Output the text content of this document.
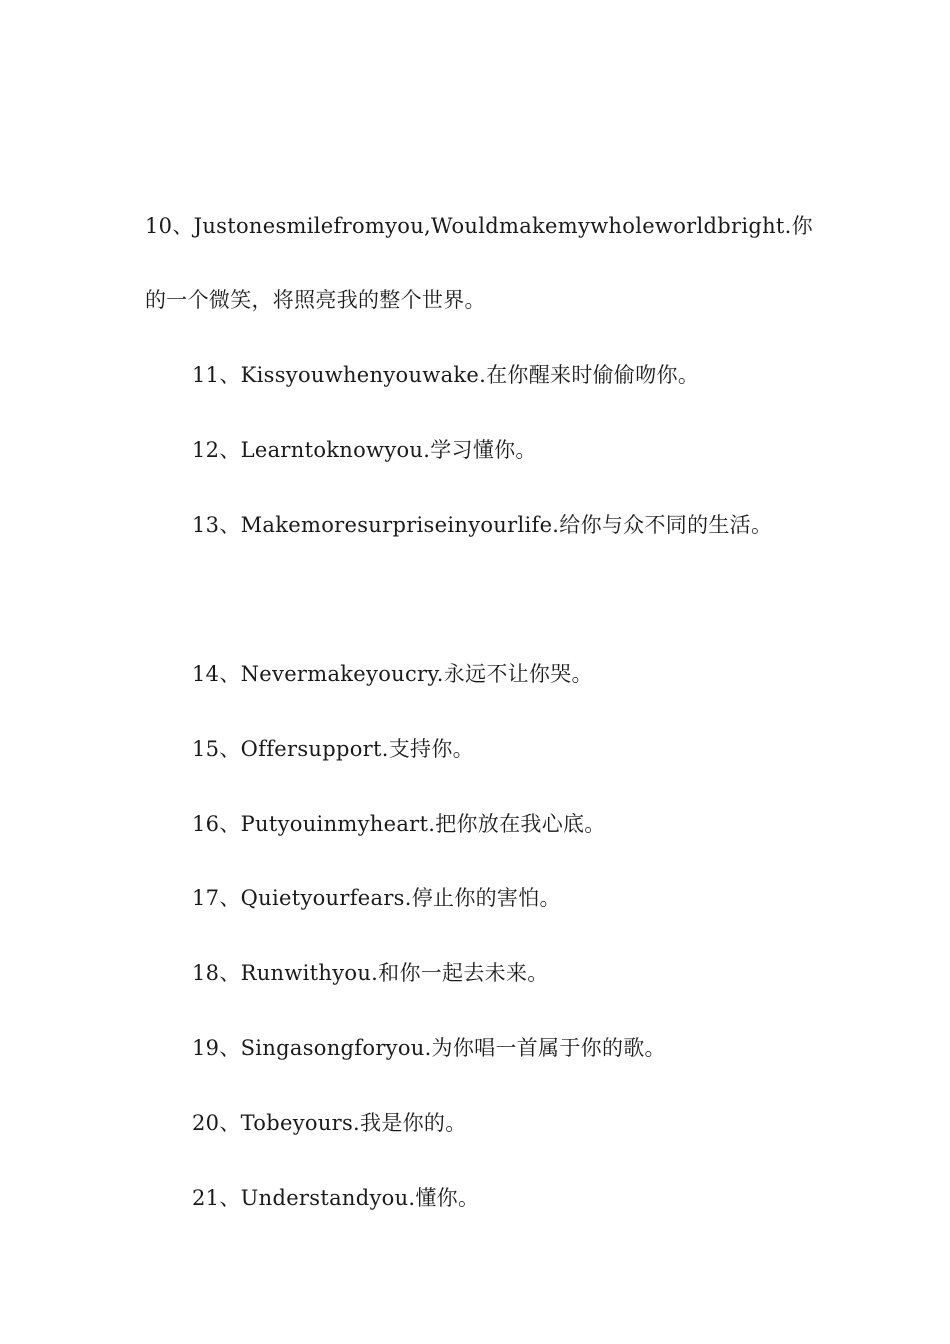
10、Justonesmilefromyou,Wouldmakemywholeworldbright.你
的一个微笑，将照亮我的整个世界。
11、Kissyouwhenyouwake.在你醒来时偷偷吻你。
12、Learntoknowyou.学习懂你。
13、Makemoresurpriseinyourlife.给你与众不同的生活。
14、Nevermakeyoucry.永远不让你哭。
15、Offersupport.支持你。
16、Putyouinmyheart.把你放在我心底。
17、Quietyourfears.停止你的害怕。
18、Runwithyou.和你一起去未来。
19、Singasongforyou.为你唱一首属于你的歌。
20、Tobeyours.我是你的。
21、Understandyou.懂你。
